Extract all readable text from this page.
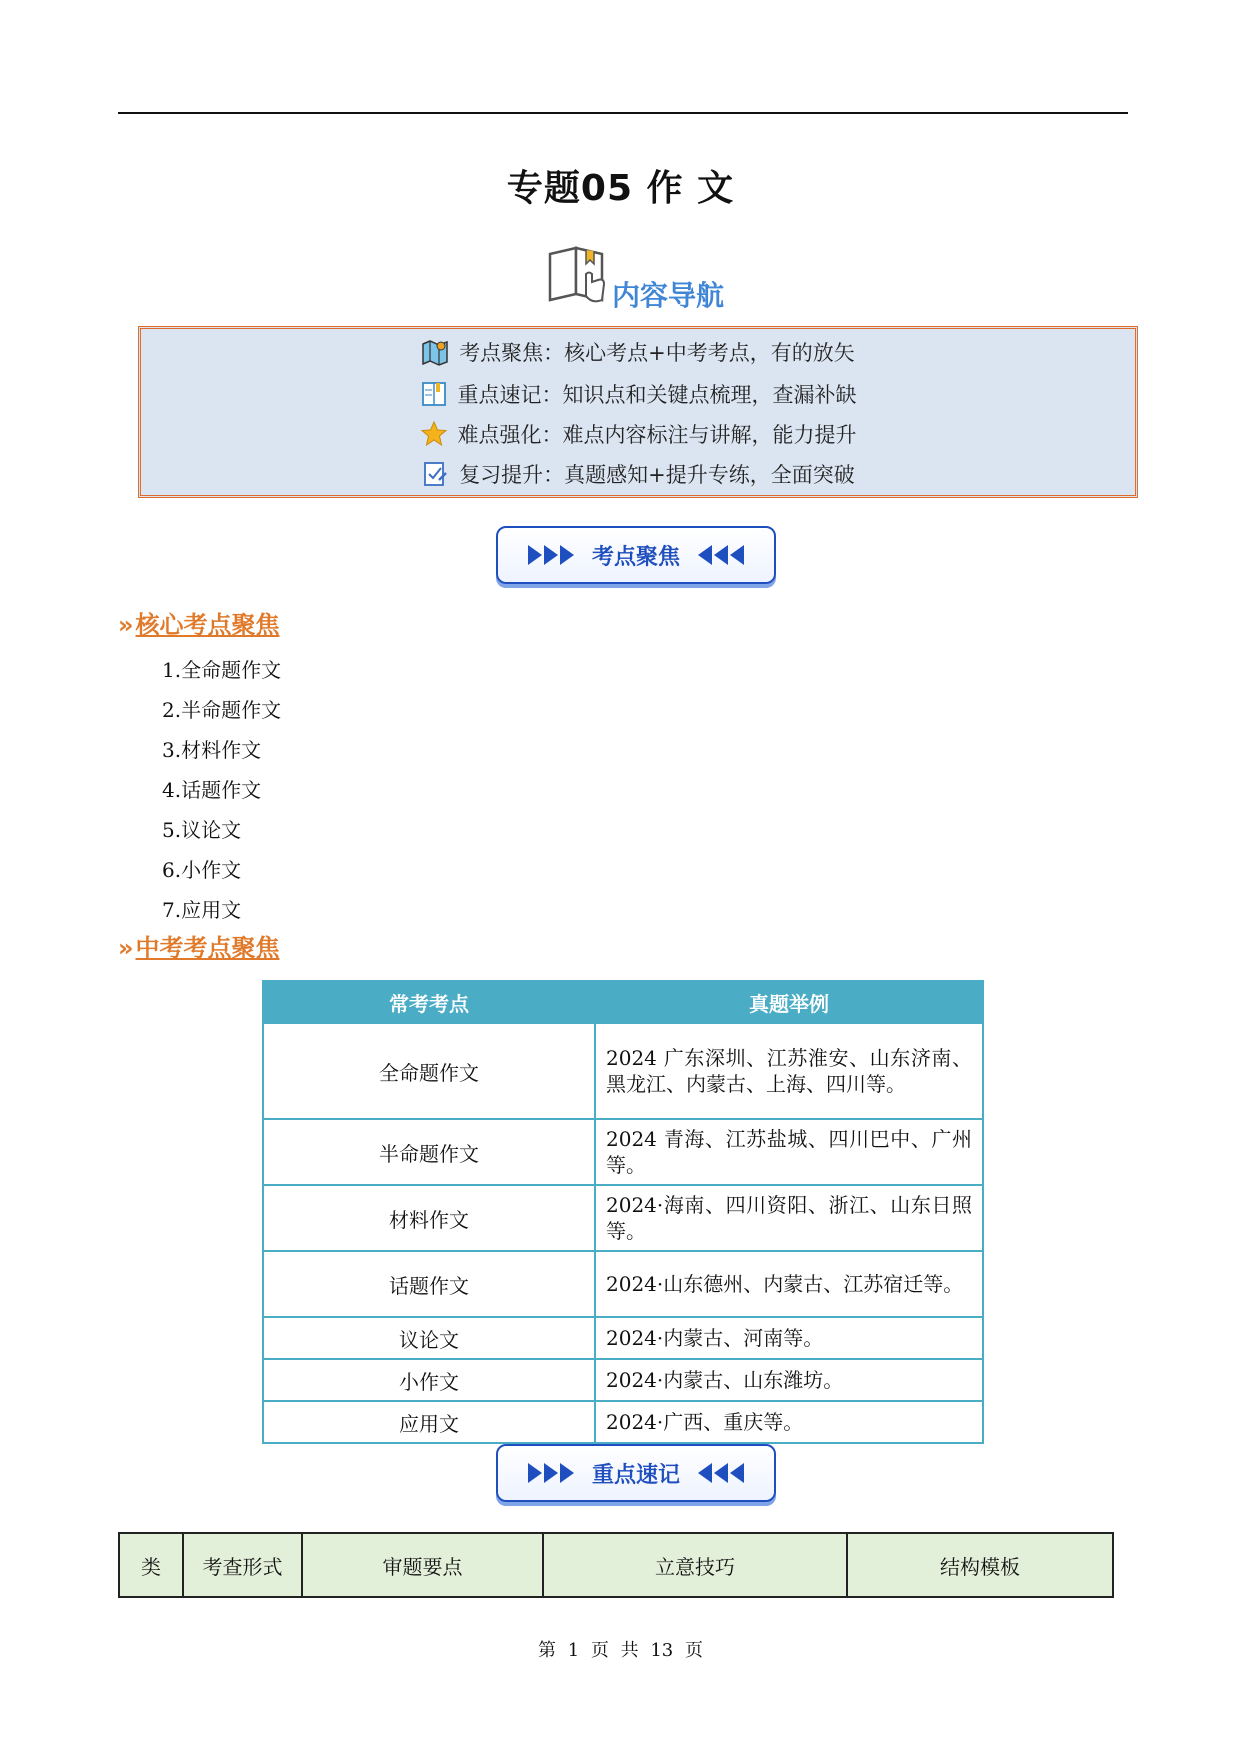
专题05 作 文
内容导航
考点聚焦：核心考点+中考考点，有的放矢
重点速记：知识点和关键点梳理，查漏补缺
难点强化：难点内容标注与讲解，能力提升
复习提升：真题感知+提升专练，全面突破
考点聚焦
»核心考点聚焦
1.全命题作文
2.半命题作文
3.材料作文
4.话题作文
5.议论文
6.小作文
7.应用文
»中考考点聚焦
常考考点	真题举例
全命题作文	2024 广东深圳、江苏淮安、山东济南、黑龙江、内蒙古、上海、四川等。
半命题作文	2024 青海、江苏盐城、四川巴中、广州等。
材料作文	2024·海南、四川资阳、浙江、山东日照等。
话题作文	2024·山东德州、内蒙古、江苏宿迁等。
议论文	2024·内蒙古、河南等。
小作文	2024·内蒙古、山东潍坊。
应用文	2024·广西、重庆等。
重点速记
类	考查形式	审题要点	立意技巧	结构模板
第 1 页 共 13 页
